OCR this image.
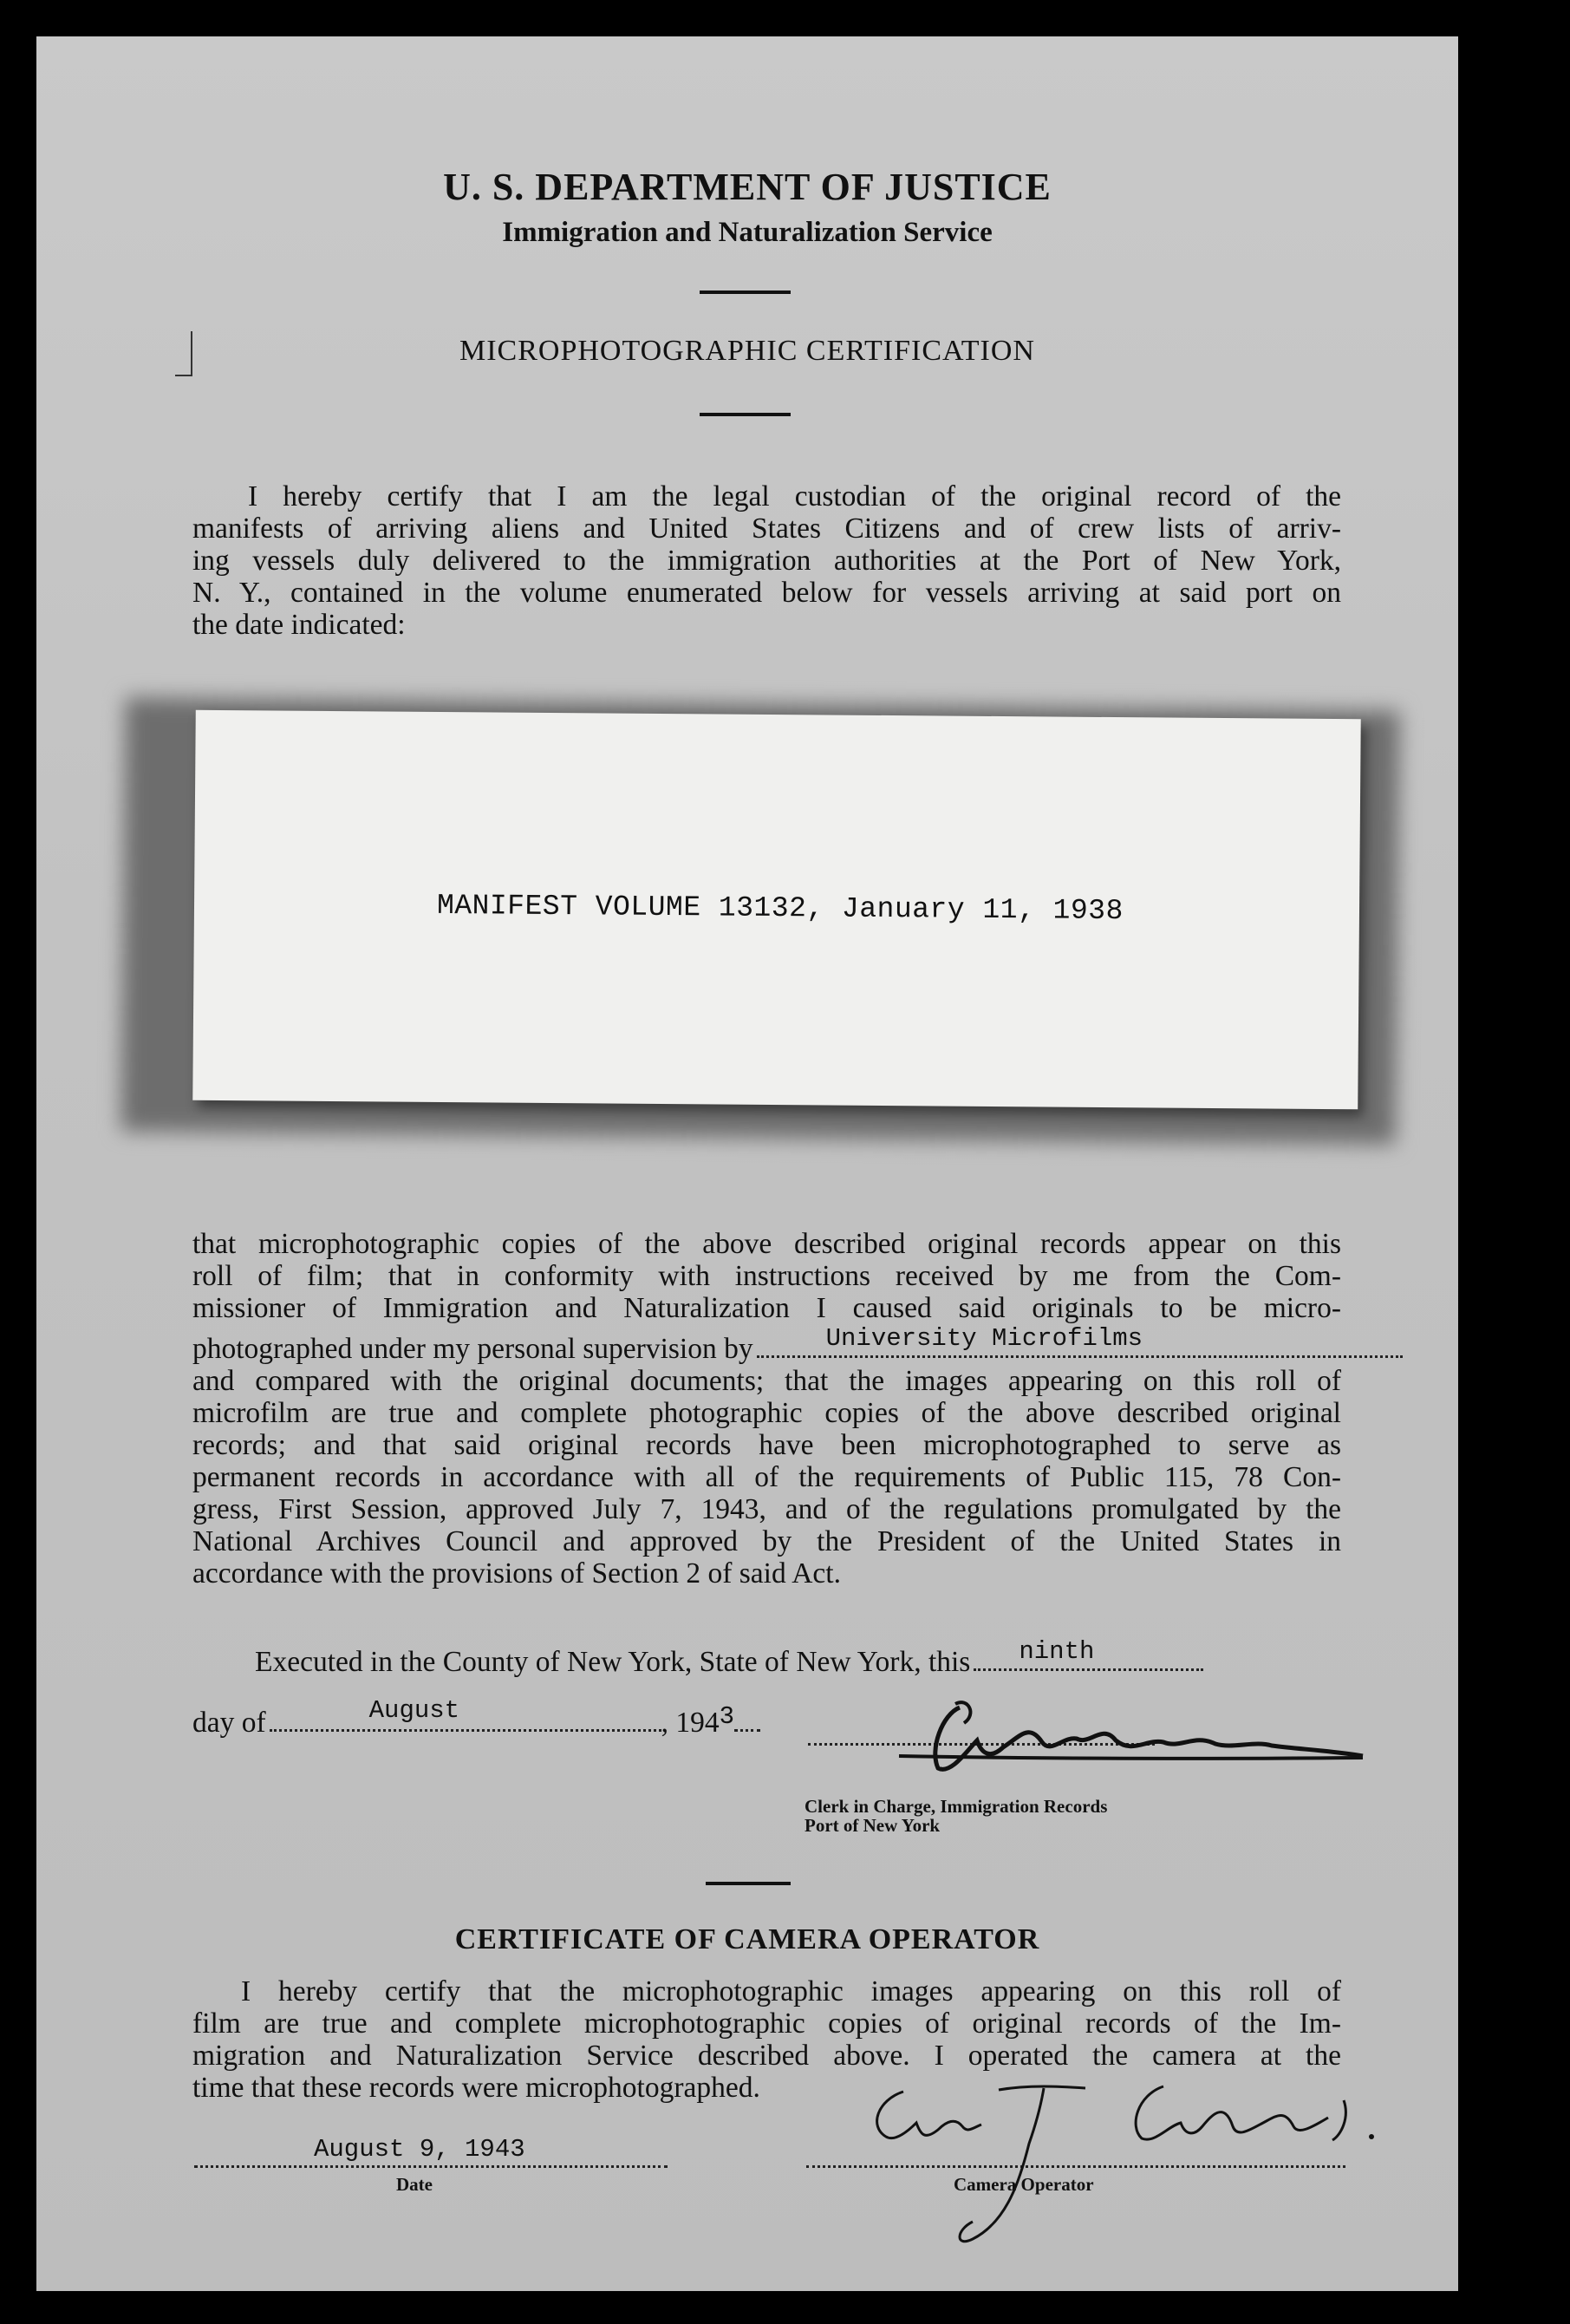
U. S. DEPARTMENT OF JUSTICE
Immigration and Naturalization Service
MICROPHOTOGRAPHIC CERTIFICATION

I hereby certify that I am the legal custodian of the original record of the

manifests of arriving aliens and United States Citizens and of crew lists of arriv-

ing vessels duly delivered to the immigration authorities at the Port of New York,

N. Y., contained in the volume enumerated below for vessels arriving at said port on

the date indicated:

MANIFEST VOLUME 13132, January 11, 1938

that microphotographic copies of the above described original records appear on this

roll of film; that in conformity with instructions received by me from the Com-

missioner of Immigration and Naturalization I caused said originals to be micro-

photographed under my personal supervision by	University Microfilms

and compared with the original documents; that the images appearing on this roll of

microfilm are true and complete photographic copies of the above described original

records; and that said original records have been microphotographed to serve as

permanent records in accordance with all of the requirements of Public 115, 78 Con-

gress, First Session, approved July 7, 1943, and of the regulations promulgated by the

National Archives Council and approved by the President of the United States in

accordance with the provisions of Section 2 of said Act.

Executed in the County of New York, State of New York, this ninth
day of	August	, 1943
Clerk in Charge, Immigration Records
Port of New York
CERTIFICATE OF CAMERA OPERATOR

I hereby certify that the microphotographic images appearing on this roll of

film are true and complete microphotographic copies of original records of the Im-

migration and Naturalization Service described above. I operated the camera at the

time that these records were microphotographed.

August 9, 1943
Date	Camera Operator
